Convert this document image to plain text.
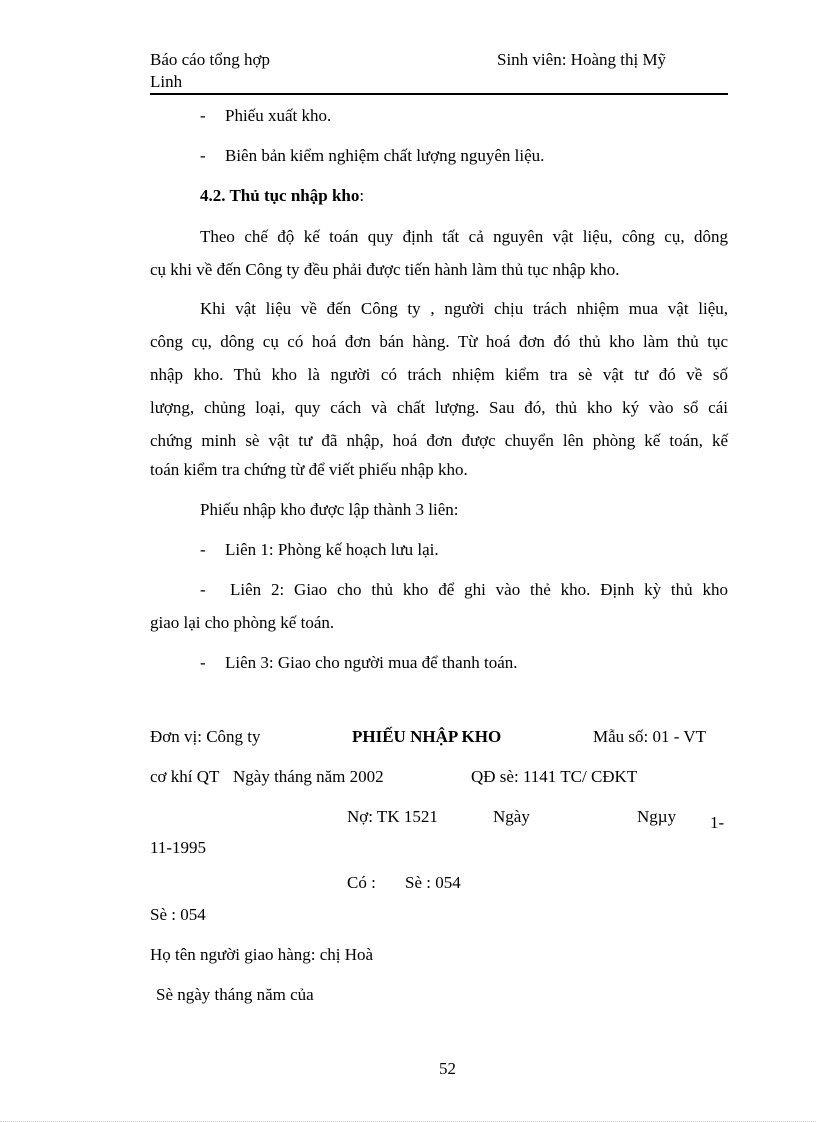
Báo cáo tổng hợp	Sinh viên: Hoàng thị Mỹ
Linh
- Phiếu xuất kho.
- Biên bản kiểm nghiệm chất lượng nguyên liệu.
4.2. Thủ tục nhập kho:
Theo chế độ kế toán quy định tất cả nguyên vật liệu, công cụ, dông
cụ khi về đến Công ty đều phải được tiến hành làm thủ tục nhập kho.
Khi vật liệu về đến Công ty , người chịu trách nhiệm mua vật liệu,
công cụ, dông cụ có hoá đơn bán hàng. Từ hoá đơn đó thủ kho làm thủ tục
nhập kho. Thủ kho là người có trách nhiệm kiểm tra sè vật tư đó về số
lượng, chủng loại, quy cách và chất lượng. Sau đó, thủ kho ký vào sổ cái
chứng minh sè vật tư đã nhập, hoá đơn được chuyển lên phòng kế toán, kế
toán kiểm tra chứng từ để viết phiếu nhập kho.
Phiếu nhập kho được lập thành 3 liên:
- Liên 1: Phòng kế hoạch lưu lại.
- Liên 2: Giao cho thủ kho để ghi vào thẻ kho. Định kỳ thủ kho
giao lại cho phòng kế toán.
- Liên 3: Giao cho người mua để thanh toán.
Đơn vị: Công ty	PHIẾU NHẬP KHO	Mẫu số: 01 - VT
cơ khí QT Ngày tháng năm 2002	QĐ sè: 1141 TC/ CĐKT
Nợ: TK 1521	Ngày	Ngµy 1-
11-1995
Có : Sè : 054
Sè : 054
Họ tên người giao hàng: chị Hoà
Sè ngày tháng năm của
52
